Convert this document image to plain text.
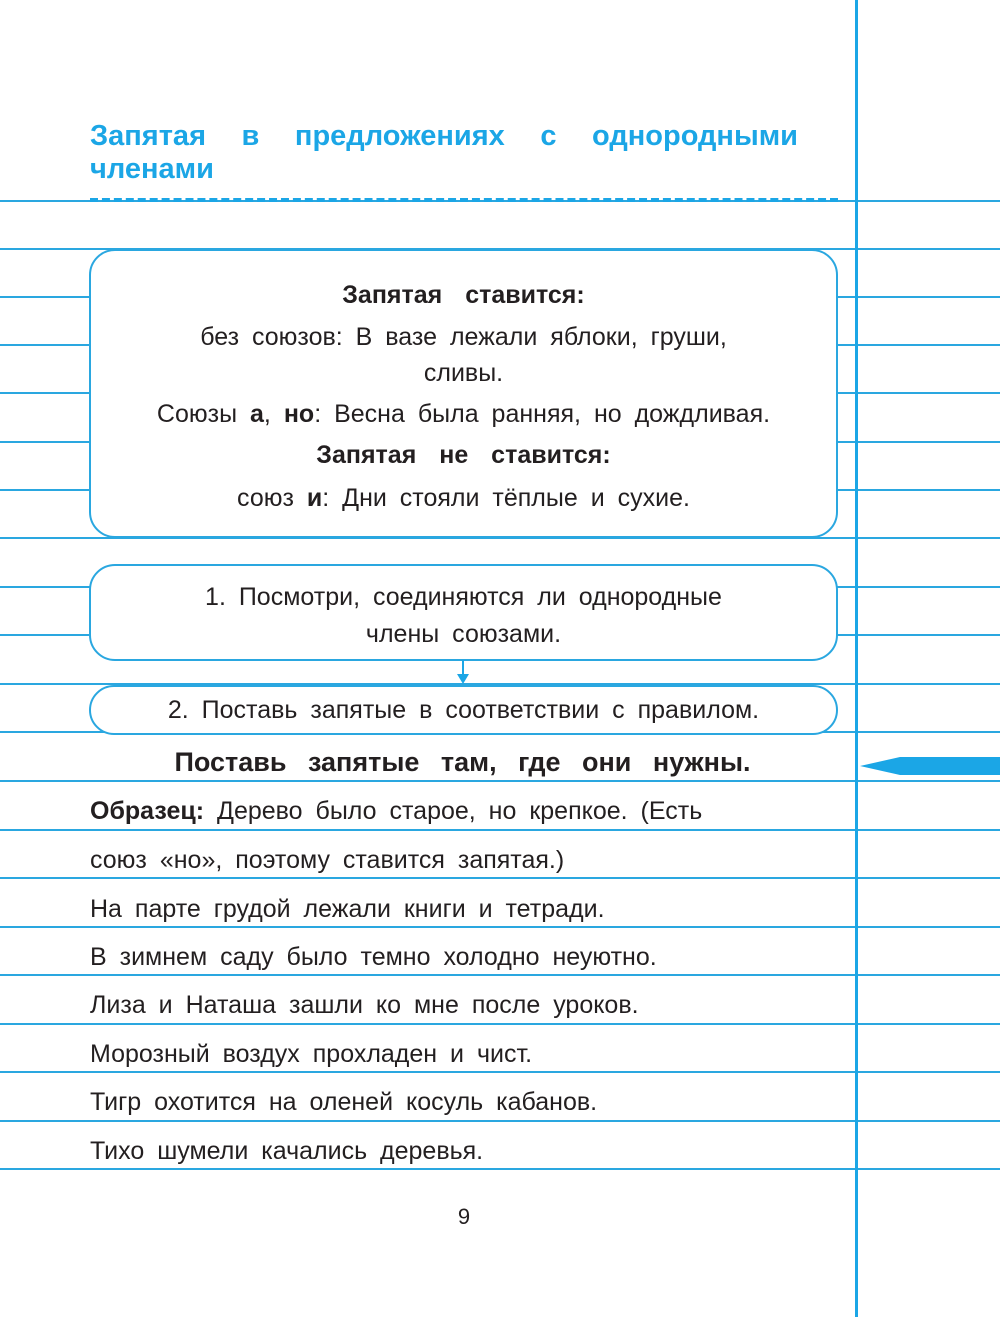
Запятая в предложениях с однородными членами

Запятая ставится:

без союзов: В вазе лежали яблоки, груши,

сливы.

Союзы а, но: Весна была ранняя, но дождливая.

Запятая не ставится:

союз и: Дни стояли тёплые и сухие.

1. Посмотри, соединяются ли однородные

члены союзами.

2. Поставь запятые в соответствии с правилом.

Поставь запятые там, где они нужны.

Образец: Дерево было старое, но крепкое. (Есть

союз «но», поэтому ставится запятая.)

На парте грудой лежали книги и тетради.

В зимнем саду было темно холодно неуютно.

Лиза и Наташа зашли ко мне после уроков.

Морозный воздух прохладен и чист.

Тигр охотится на оленей косуль кабанов.

Тихо шумели качались деревья.

9
